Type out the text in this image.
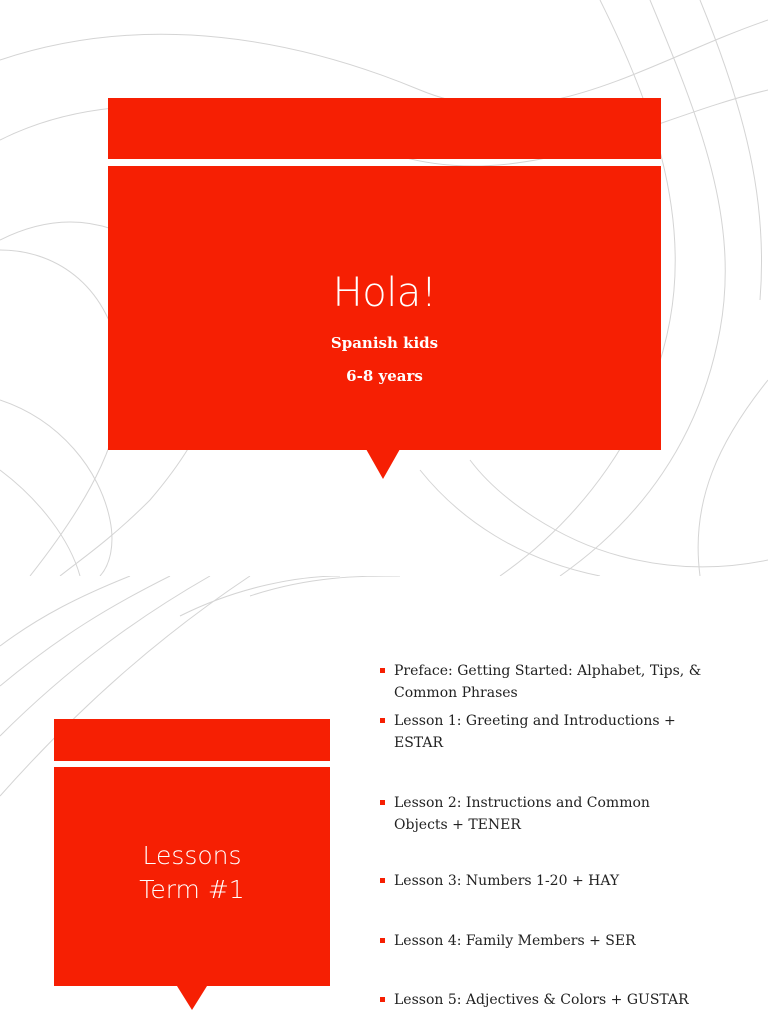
Hola!
Spanish kids
6-8 years
Lessons
Term #1
Preface: Getting Started: Alphabet, Tips, &
Common Phrases
Lesson 1: Greeting and Introductions +
ESTAR
Lesson 2: Instructions and Common
Objects + TENER
Lesson 3: Numbers 1-20 + HAY
Lesson 4: Family Members + SER
Lesson 5: Adjectives & Colors + GUSTAR
